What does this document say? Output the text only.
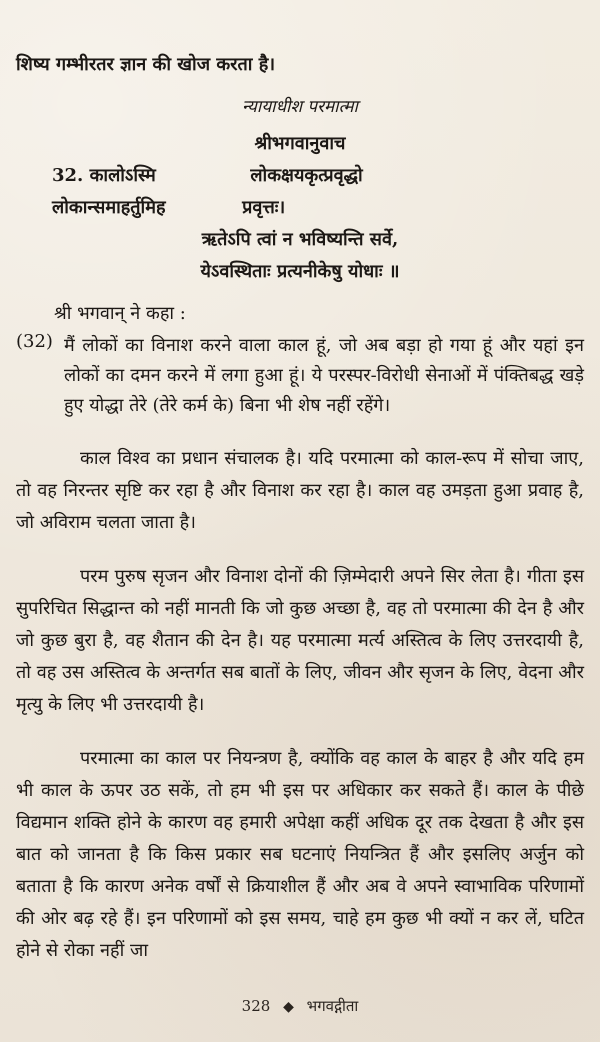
शिष्य गम्भीरतर ज्ञान की खोज करता है।

न्यायाधीश परमात्मा

श्रीभगवानुवाच

32. कालोऽस्मि	लोकक्षयकृत्प्रवृद्धो

लोकान्समाहर्तुमिह	प्रवृत्तः।

ऋतेऽपि त्वां न भविष्यन्ति सर्वे,

येऽवस्थिताः प्रत्यनीकेषु योधाः ॥

श्री भगवान् ने कहा :

(32) मैं लोकों का विनाश करने वाला काल हूं, जो अब बड़ा हो गया हूं और यहां इन लोकों का दमन करने में लगा हुआ हूं। ये परस्पर-विरोधी सेनाओं में पंक्तिबद्ध खड़े हुए योद्धा तेरे (तेरे कर्म के) बिना भी शेष नहीं रहेंगे।

काल विश्व का प्रधान संचालक है। यदि परमात्मा को काल-रूप में सोचा जाए, तो वह निरन्तर सृष्टि कर रहा है और विनाश कर रहा है। काल वह उमड़ता हुआ प्रवाह है, जो अविराम चलता जाता है।

परम पुरुष सृजन और विनाश दोनों की ज़िम्मेदारी अपने सिर लेता है। गीता इस सुपरिचित सिद्धान्त को नहीं मानती कि जो कुछ अच्छा है, वह तो परमात्मा की देन है और जो कुछ बुरा है, वह शैतान की देन है। यह परमात्मा मर्त्य अस्तित्व के लिए उत्तरदायी है, तो वह उस अस्तित्व के अन्तर्गत सब बातों के लिए, जीवन और सृजन के लिए, वेदना और मृत्यु के लिए भी उत्तरदायी है।

परमात्मा का काल पर नियन्त्रण है, क्योंकि वह काल के बाहर है और यदि हम भी काल के ऊपर उठ सकें, तो हम भी इस पर अधिकार कर सकते हैं। काल के पीछे विद्यमान शक्ति होने के कारण वह हमारी अपेक्षा कहीं अधिक दूर तक देखता है और इस बात को जानता है कि किस प्रकार सब घटनाएं नियन्त्रित हैं और इसलिए अर्जुन को बताता है कि कारण अनेक वर्षों से क्रियाशील हैं और अब वे अपने स्वाभाविक परिणामों की ओर बढ़ रहे हैं। इन परिणामों को इस समय, चाहे हम कुछ भी क्यों न कर लें, घटित होने से रोका नहीं जा

328 ◆ भगवद्गीता
